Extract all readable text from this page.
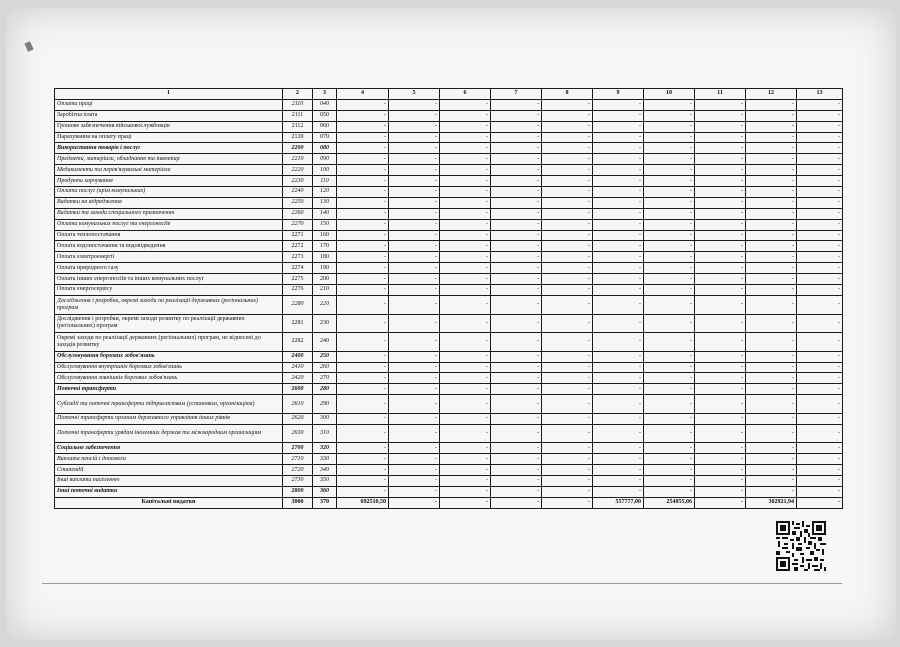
1	2	3	4	5	6	7	8	9	10	11	12	13
Оплата праці	2110	040	-	-	-	-	-	-	-	-	-	-
Заробітна плата	2111	050	-	-	-	-	-	-	-	-	-	-
Грошове забезпечення військовослужбовців	2112	060	-	-	-	-	-	-	-	-	-	-
Нарахування на оплату праці	2120	070	-	-	-	-	-	-	-	-	-	-
Використання товарів і послуг	2200	080	-	-	-	-	-	-	-	-	-	-
Предмети, матеріали, обладнання та інвентар	2210	090	-	-	-	-	-	-	-	-	-	-
Медикаменти та перев'язувальні матеріали	2220	100	-	-	-	-	-	-	-	-	-	-
Продукти харчування	2230	110	-	-	-	-	-	-	-	-	-	-
Оплата послуг (крім комунальних)	2240	120	-	-	-	-	-	-	-	-	-	-
Видатки на відрядження	2250	130	-	-	-	-	-	-	-	-	-	-
Видатки та заходи спеціального призначення	2260	140	-	-	-	-	-	-	-	-	-	-
Оплата комунальних послуг та енергоносіїв	2270	150	-	-	-	-	-	-	-	-	-	-
Оплата теплопостачання	2271	160	-	-	-	-	-	-	-	-	-	-
Оплата водопостачання та водовідведення	2272	170	-	-	-	-	-	-	-	-	-	-
Оплата електроенергії	2273	180	-	-	-	-	-	-	-	-	-	-
Оплата природного газу	2274	190	-	-	-	-	-	-	-	-	-	-
Оплата інших енергоносіїв та інших комунальних послуг	2275	200	-	-	-	-	-	-	-	-	-	-
Оплата енергосервісу	2276	210	-	-	-	-	-	-	-	-	-	-
Дослідження і розробки, окремі заходи по реалізації державних (регіональних) програм	2280	220	-	-	-	-	-	-	-	-	-	-
Дослідження і розробки, окремі заходи розвитку по реалізації державних (регіональних) програм	2281	230	-	-	-	-	-	-	-	-	-	-
Окремі заходи по реалізації державних (регіональних) програм, не віднесені до заходів розвитку	2282	240	-	-	-	-	-	-	-	-	-	-
Обслуговування боргових зобов'язань	2400	250	-	-	-	-	-	-	-	-	-	-
Обслуговування внутрішніх боргових зобов'язань	2410	260	-	-	-	-	-	-	-	-	-	-
Обслуговування зовнішніх боргових зобов'язань	2420	270	-	-	-	-	-	-	-	-	-	-
Поточні трансферти	2600	280	-	-	-	-	-	-	-	-	-	-
Субсидії та поточні трансферти підприємствам (установам, організаціям)	2610	290	-	-	-	-	-	-	-	-	-	-
Поточні трансферти органам державного управління інших рівнів	2620	300	-	-	-	-	-	-	-	-	-	-
Поточні трансферти урядам іноземних держав та міжнародним організаціям	2630	310	-	-	-	-	-	-	-	-	-	-
Соціальне забезпечення	2700	320	-	-	-	-	-	-	-	-	-	-
Виплата пенсій і допомоги	2710	330	-	-	-	-	-	-	-	-	-	-
Стипендії	2720	340	-	-	-	-	-	-	-	-	-	-
Інші виплати населенню	2730	350	-	-	-	-	-	-	-	-	-	-
Інші поточні видатки	2800	360	-	-	-	-	-	-	-	-	-	-
Капітальні видатки	3000	370	692510,50	-	-	-	-	557777,00	254855,06	-	302921,94	-
